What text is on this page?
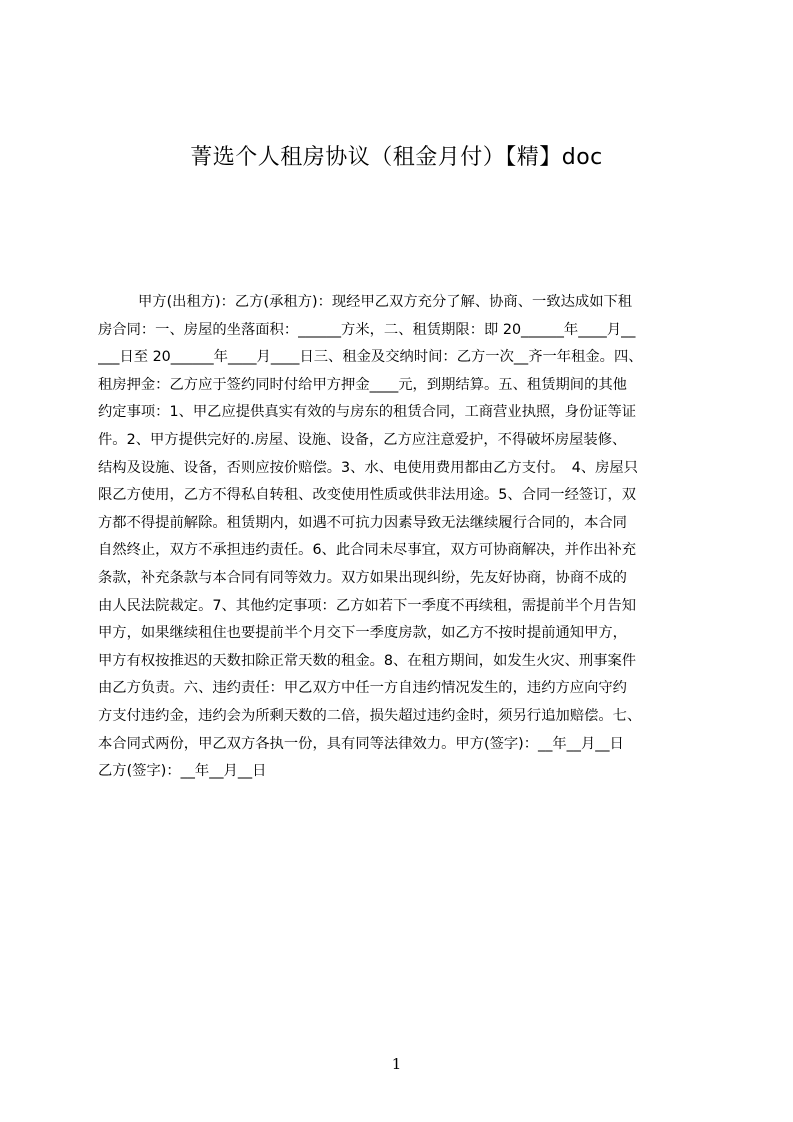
菁选个人租房协议（租金月付）【精】doc
甲方(出租方)：乙方(承租方)：现经甲乙双方充分了解、协商、一致达成如下租
房合同：一、房屋的坐落面积：______方米，二、租赁期限：即 20______年____月__
___日至 20______年____月____日三、租金及交纳时间：乙方一次__齐一年租金。四、
租房押金：乙方应于签约同时付给甲方押金____元，到期结算。五、租赁期间的其他
约定事项：1、甲乙应提供真实有效的与房东的租赁合同，工商营业执照，身份证等证
件。2、甲方提供完好的.房屋、设施、设备，乙方应注意爱护，不得破坏房屋装修、
结构及设施、设备，否则应按价赔偿。3、水、电使用费用都由乙方支付。　4、房屋只
限乙方使用，乙方不得私自转租、改变使用性质或供非法用途。5、合同一经签订，双
方都不得提前解除。租赁期内，如遇不可抗力因素导致无法继续履行合同的，本合同
自然终止，双方不承担违约责任。6、此合同未尽事宜，双方可协商解决，并作出补充
条款，补充条款与本合同有同等效力。双方如果出现纠纷，先友好协商，协商不成的
由人民法院裁定。7、其他约定事项：乙方如若下一季度不再续租，需提前半个月告知
甲方，如果继续租住也要提前半个月交下一季度房款，如乙方不按时提前通知甲方，
甲方有权按推迟的天数扣除正常天数的租金。8、在租方期间，如发生火灾、刑事案件
由乙方负责。六、违约责任：甲乙双方中任一方自违约情况发生的，违约方应向守约
方支付违约金，违约会为所剩天数的二倍，损失超过违约金时，须另行追加赔偿。七、
本合同式两份，甲乙双方各执一份，具有同等法律效力。甲方(签字)：__年__月__日
乙方(签字)：__年__月__日
1
